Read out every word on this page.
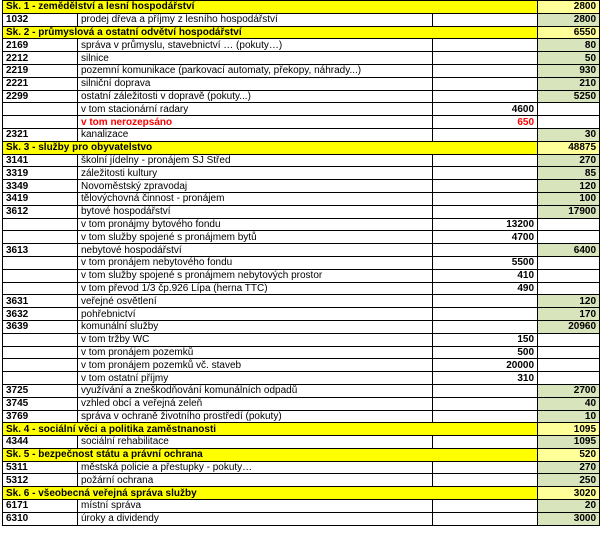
Sk. 1 - zemědělství a lesní hospodářství			2800
1032	prodej dřeva a příjmy z lesního hospodářství		2800
Sk. 2 - průmyslová a ostatní odvětví hospodářství			6550
2169	správa v průmyslu, stavebnictví … (pokuty…)		80
2212	silnice		50
2219	pozemní komunikace (parkovací automaty, překopy, náhrady...)		930
2221	silniční doprava		210
2299	ostatní záležitosti v dopravě (pokuty...)		5250
	v tom stacionární radary	4600	
	v tom nerozepsáno	650	
2321	kanalizace		30
Sk. 3 - služby pro obyvatelstvo			48875
3141	školní jídelny - pronájem ŠJ Střed		270
3319	záležitosti kultury		85
3349	Novoměstský zpravodaj		120
3419	tělovýchovná činnost - pronájem		100
3612	bytové hospodářství		17900
	v tom pronájmy bytového fondu	13200	
	v tom služby spojené s pronájmem bytů	4700	
3613	nebytové hospodářství		6400
	v tom pronájem nebytového fondu	5500	
	v tom služby spojené s pronájmem nebytových prostor	410	
	v tom převod 1/3 čp.926 Lípa (herna TTC)	490	
3631	veřejné osvětlení		120
3632	pohřebnictví		170
3639	komunální služby		20960
	v tom tržby WC	150	
	v tom pronájem pozemků	500	
	v tom pronájem pozemků vč. staveb	20000	
	v tom ostatní příjmy	310	
3725	využívání a zneškodňování komunálních odpadů		2700
3745	vzhled obcí a veřejná zeleň		40
3769	správa v ochraně životního prostředí (pokuty)		10
Sk. 4 - sociální věci a politika zaměstnanosti			1095
4344	sociální rehabilitace		1095
Sk. 5 - bezpečnost státu a právní ochrana			520
5311	městská policie a přestupky - pokuty…		270
5312	požární ochrana		250
Sk. 6 - všeobecná veřejná správa služby			3020
6171	místní správa		20
6310	úroky a dividendy		3000
